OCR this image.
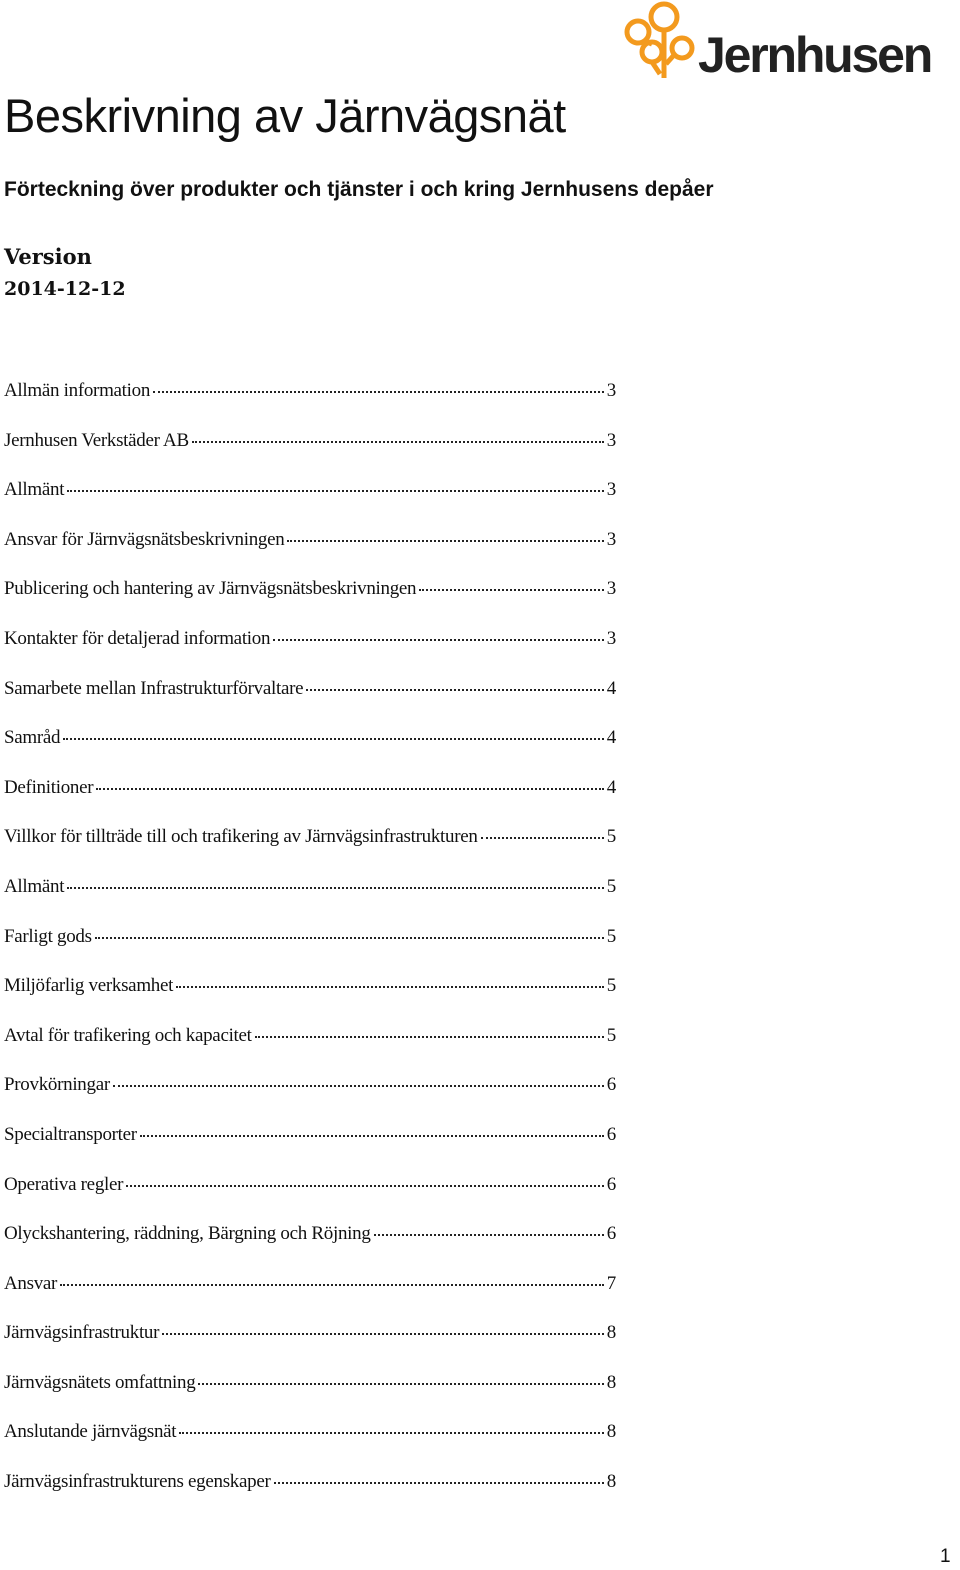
Jernhusen
Beskrivning av Järnvägsnät
Förteckning över produkter och tjänster i och kring Jernhusens depåer
Version
2014-12-12
Allmän information	3
Jernhusen Verkstäder AB	3
Allmänt	3
Ansvar för Järnvägsnätsbeskrivningen	3
Publicering och hantering av Järnvägsnätsbeskrivningen	3
Kontakter för detaljerad information	3
Samarbete mellan Infrastrukturförvaltare	4
Samråd	4
Definitioner	4
Villkor för tillträde till och trafikering av Järnvägsinfrastrukturen	5
Allmänt	5
Farligt gods	5
Miljöfarlig verksamhet	5
Avtal för trafikering och kapacitet	5
Provkörningar	6
Specialtransporter	6
Operativa regler	6
Olyckshantering, räddning, Bärgning och Röjning	6
Ansvar	7
Järnvägsinfrastruktur	8
Järnvägsnätets omfattning	8
Anslutande järnvägsnät	8
Järnvägsinfrastrukturens egenskaper	8
1
